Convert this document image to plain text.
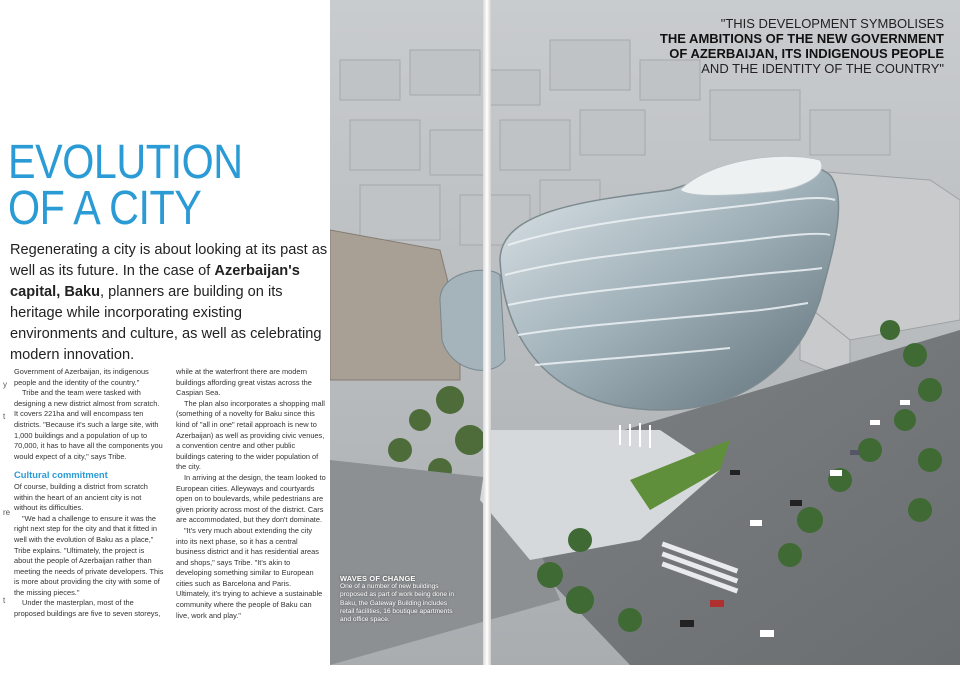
y
t
re
t
EVOLUTION
OF A CITY

Regenerating a city is about looking at its past as well as its future. In the case of Azerbaijan's capital, Baku, planners are building on its heritage while incorporating existing environments and culture, as well as celebrating modern innovation.

Government of Azerbaijan, its indigenous people and the identity of the country."

Tribe and the team were tasked with designing a new district almost from scratch. It covers 221ha and will encompass ten districts. "Because it's such a large site, with 1,000 buildings and a population of up to 70,000, it has to have all the components you would expect of a city," says Tribe.

Cultural commitment

Of course, building a district from scratch within the heart of an ancient city is not without its difficulties.

"We had a challenge to ensure it was the right next step for the city and that it fitted in well with the evolution of Baku as a place," Tribe explains. "Ultimately, the project is about the people of Azerbaijan rather than meeting the needs of private developers. This is more about providing the city with some of the missing pieces."

Under the masterplan, most of the proposed buildings are five to seven storeys,

while at the waterfront there are modern buildings affording great vistas across the Caspian Sea.

The plan also incorporates a shopping mall (something of a novelty for Baku since this kind of "all in one" retail approach is new to Azerbaijan) as well as providing civic venues, a convention centre and other public buildings catering to the wider population of the city.

In arriving at the design, the team looked to European cities. Alleyways and courtyards open on to boulevards, while pedestrians are given priority across most of the district. Cars are accommodated, but they don't dominate.

"It's very much about extending the city into its next phase, so it has a central business district and it has residential areas and shops," says Tribe. "It's akin to developing something similar to European cities such as Barcelona and Paris. Ultimately, it's trying to achieve a sustainable community where the people of Baku can live, work and play."

"THIS DEVELOPMENT SYMBOLISES
THE AMBITIONS OF THE NEW GOVERNMENT
OF AZERBAIJAN, ITS INDIGENOUS PEOPLE
AND THE IDENTITY OF THE COUNTRY"
WAVES OF CHANGE
One of a number of new buildings proposed as part of work being done in Baku, the Gateway Building includes retail facilities, 16 boutique apartments and office space.
